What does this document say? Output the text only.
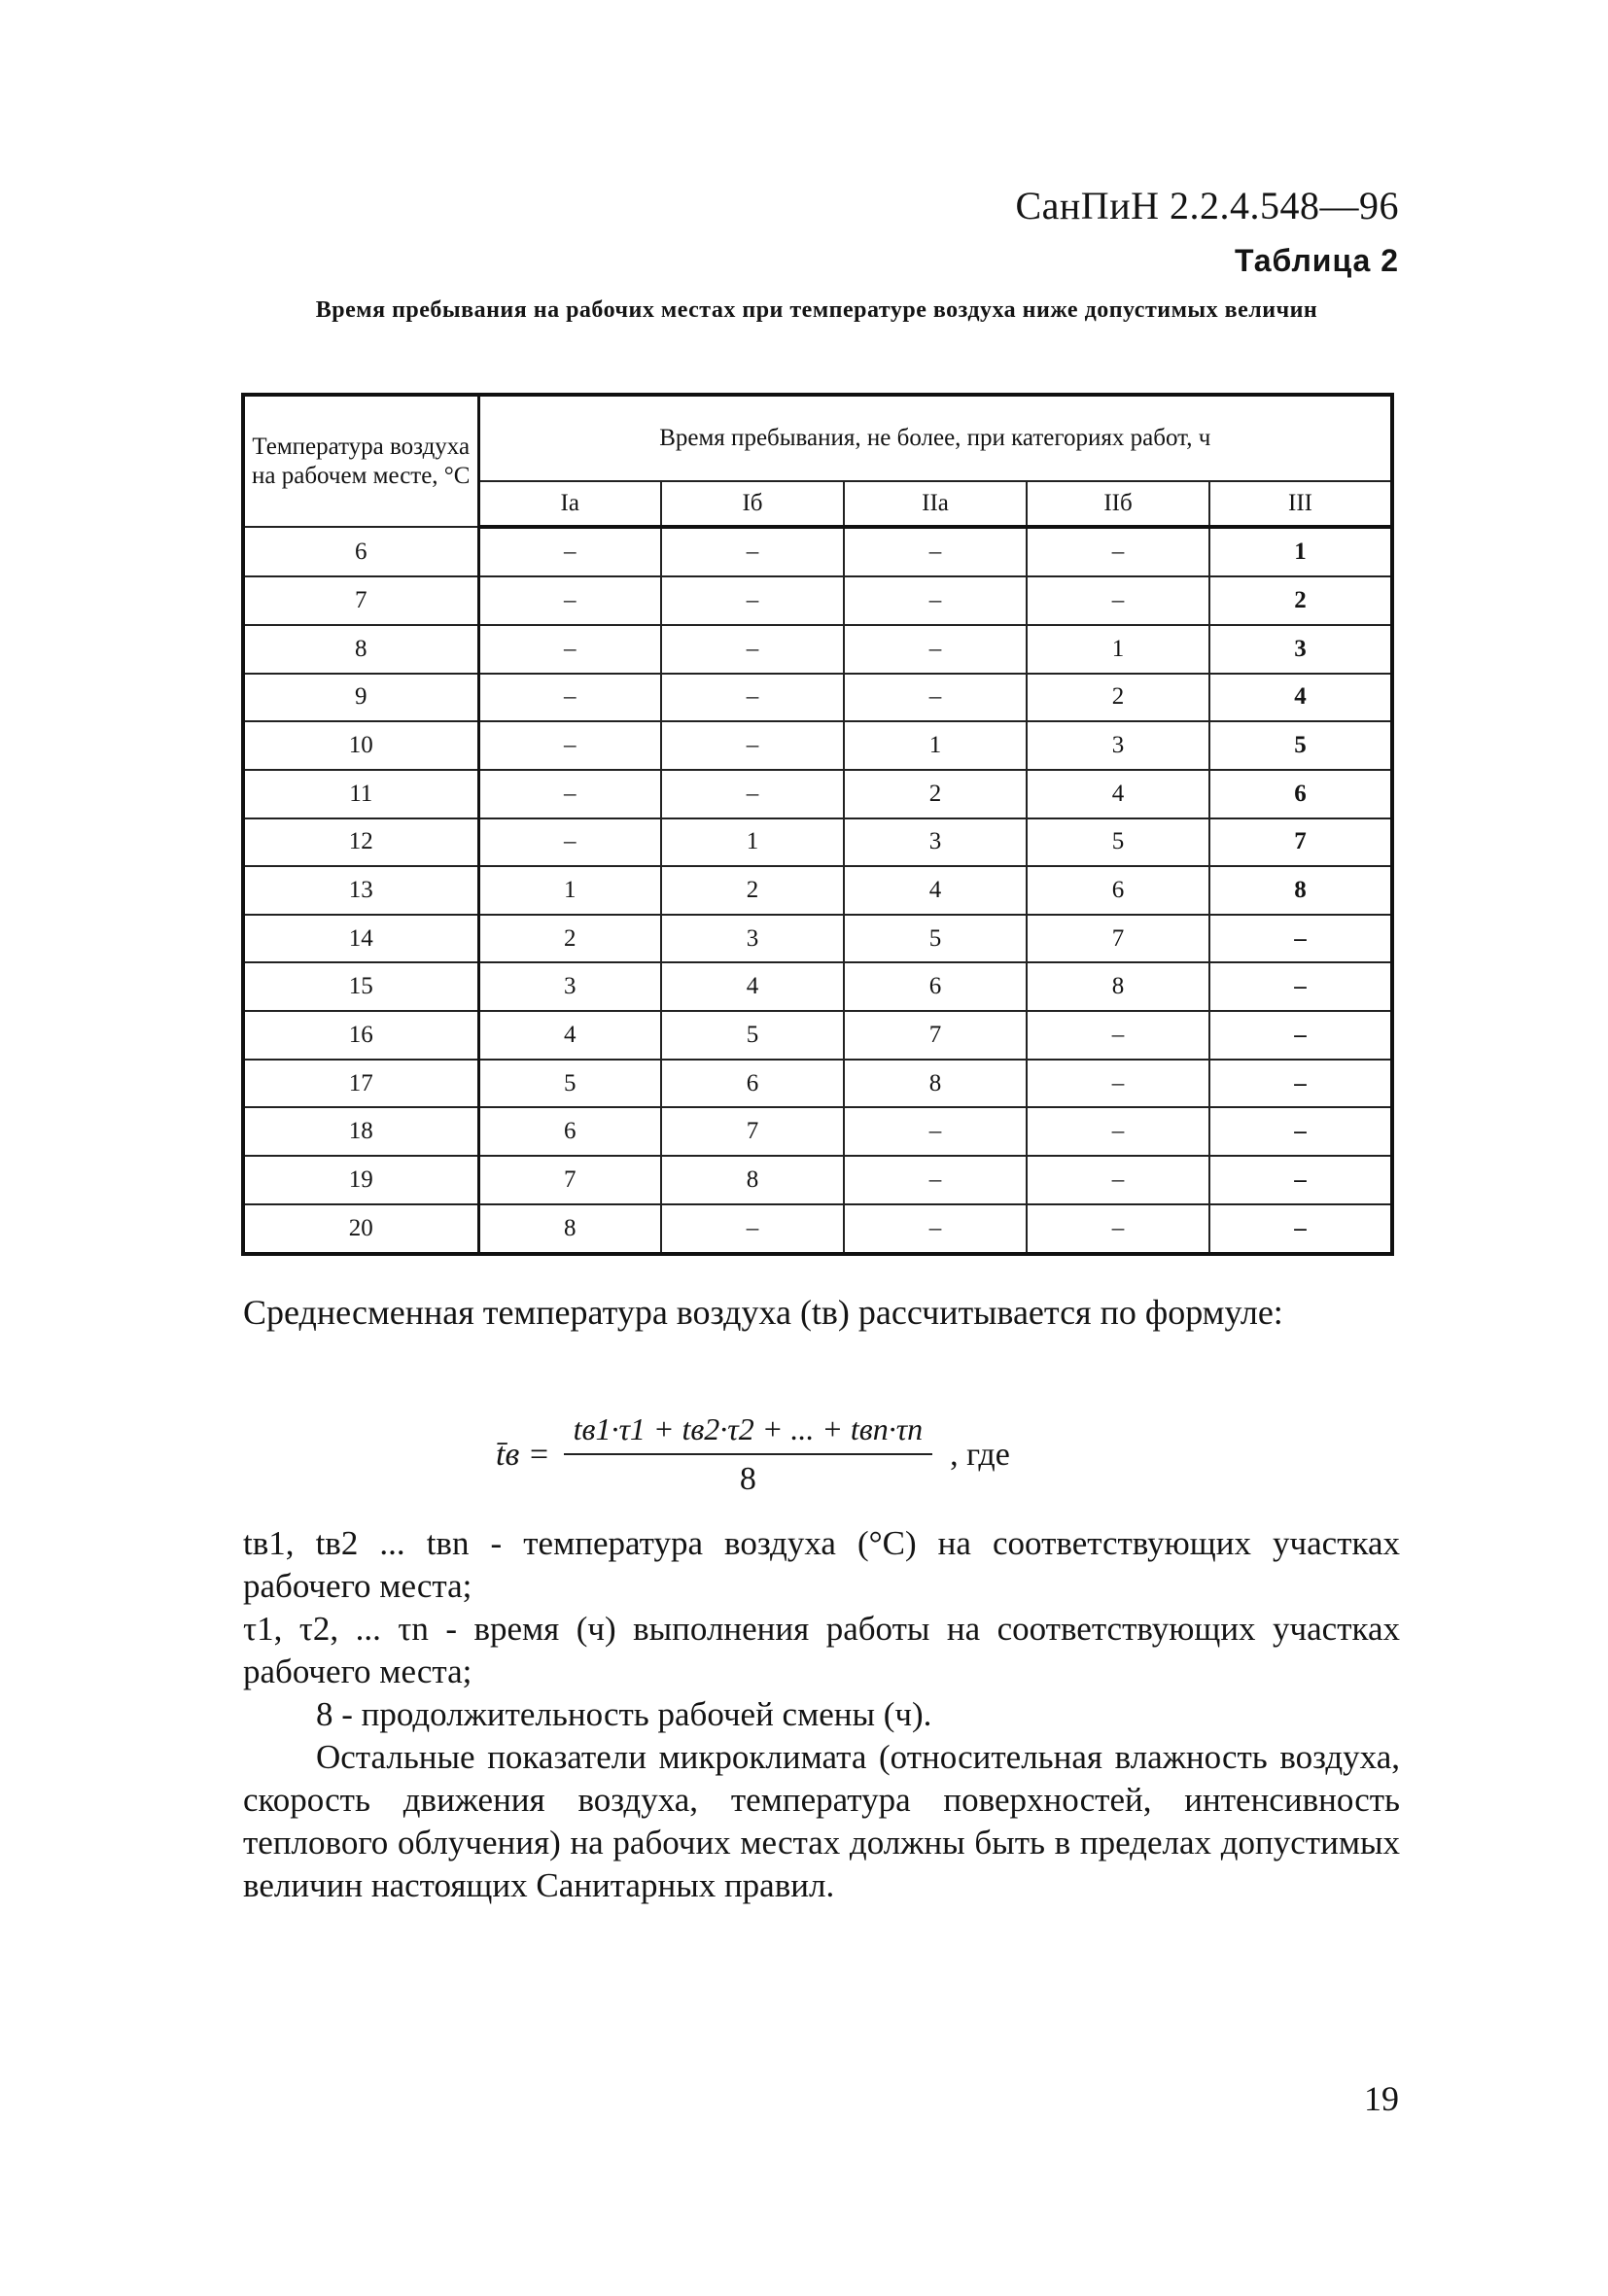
СанПиН 2.2.4.548—96
Таблица 2
Время пребывания на рабочих местах при температуре воздуха ниже допустимых величин
Температура воздуха на рабочем месте, °С	Время пребывания, не более, при категориях работ, ч				
	Iа	Iб	IIа	IIб	III
6	–	–	–	–	1
7	–	–	–	–	2
8	–	–	–	1	3
9	–	–	–	2	4
10	–	–	1	3	5
11	–	–	2	4	6
12	–	1	3	5	7
13	1	2	4	6	8
14	2	3	5	7	–
15	3	4	6	8	–
16	4	5	7	–	–
17	5	6	8	–	–
18	6	7	–	–	–
19	7	8	–	–	–
20	8	–	–	–	–
Среднесменная температура воздуха (tв) рассчитывается по формуле:
t̄в = $\frac{\text{tв1·τ1 + tв2·τ2 + ... + tвn·τn}}{8}$ , где

tв1, tв2 ... tвn - температура воздуха (°С) на соответствующих участках рабочего места;

τ1, τ2, ... τn - время (ч) выполнения работы на соответствующих участках рабочего места;

8 - продолжительность рабочей смены (ч).

Остальные показатели микроклимата (относительная влажность воздуха, скорость движения воздуха, температура поверхностей, интенсивность теплового облучения) на рабочих местах должны быть в пределах допустимых величин настоящих Санитарных правил.

19
